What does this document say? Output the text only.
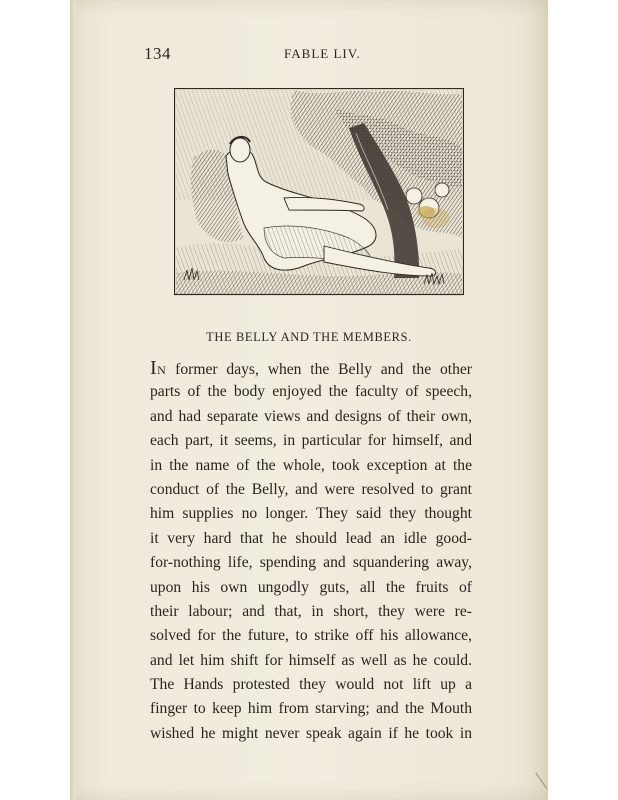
134	FABLE LIV.
THE BELLY AND THE MEMBERS.
IN former days, when the Belly and the other
parts of the body enjoyed the faculty of speech,
and had separate views and designs of their own,
each part, it seems, in particular for himself, and
in the name of the whole, took exception at the
conduct of the Belly, and were resolved to grant
him supplies no longer. They said they thought
it very hard that he should lead an idle good-
for-nothing life, spending and squandering away,
upon his own ungodly guts, all the fruits of
their labour; and that, in short, they were re-
solved for the future, to strike off his allowance,
and let him shift for himself as well as he could.
The Hands protested they would not lift up a
finger to keep him from starving; and the Mouth
wished he might never speak again if he took in
